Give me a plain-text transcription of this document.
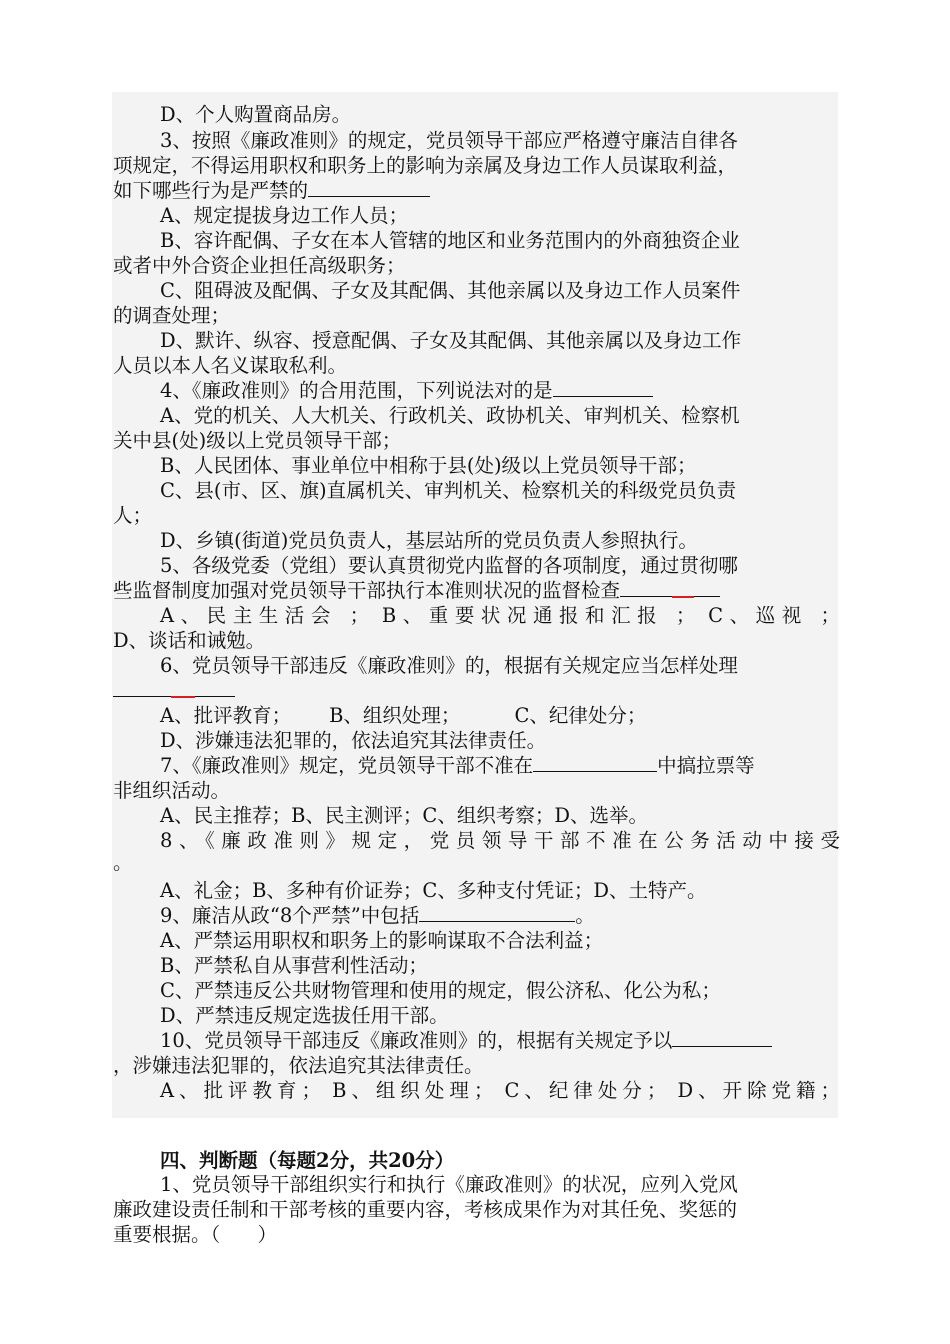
D、个人购置商品房。
3、按照《廉政准则》的规定，党员领导干部应严格遵守廉洁自律各
项规定，不得运用职权和职务上的影响为亲属及身边工作人员谋取利益，
如下哪些行为是严禁的
A、规定提拔身边工作人员；
B、容许配偶、子女在本人管辖的地区和业务范围内的外商独资企业
或者中外合资企业担任高级职务；
C、阻碍波及配偶、子女及其配偶、其他亲属以及身边工作人员案件
的调查处理；
D、默许、纵容、授意配偶、子女及其配偶、其他亲属以及身边工作
人员以本人名义谋取私利。
4、《廉政准则》的合用范围，下列说法对的是
A、党的机关、人大机关、行政机关、政协机关、审判机关、检察机
关中县(处)级以上党员领导干部；
B、人民团体、事业单位中相称于县(处)级以上党员领导干部；
C、县(市、区、旗)直属机关、审判机关、检察机关的科级党员负责
人；
D、乡镇(街道)党员负责人，基层站所的党员负责人参照执行。
5、各级党委（党组）要认真贯彻党内监督的各项制度，通过贯彻哪
些监督制度加强对党员领导干部执行本准则状况的监督检查
A、民主生活会 ； B、重要状况通报和汇报 ； C、巡视 ；
D、谈话和诫勉。
6、党员领导干部违反《廉政准则》的，根据有关规定应当怎样处理
A、批评教育； B、组织处理；	C、纪律处分；
D、涉嫌违法犯罪的，依法追究其法律责任。
7、《廉政准则》规定，党员领导干部不准在	中搞拉票等
非组织活动。
A、民主推荐；B、民主测评；C、组织考察；D、选举。
8、《廉政准则》规定，党员领导干部不准在公务活动中接受
。
A、礼金；B、多种有价证券；C、多种支付凭证；D、土特产。
9、廉洁从政“8个严禁”中包括	。
A、严禁运用职权和职务上的影响谋取不合法利益；
B、严禁私自从事营利性活动；
C、严禁违反公共财物管理和使用的规定，假公济私、化公为私；
D、严禁违反规定选拔任用干部。
10、党员领导干部违反《廉政准则》的，根据有关规定予以
，涉嫌违法犯罪的，依法追究其法律责任。
A、批评教育； B、组织处理； C、纪律处分； D、开除党籍；
四、判断题（每题2分，共20分）
1、党员领导干部组织实行和执行《廉政准则》的状况，应列入党风
廉政建设责任制和干部考核的重要内容，考核成果作为对其任免、奖惩的
重要根据。（      ）
